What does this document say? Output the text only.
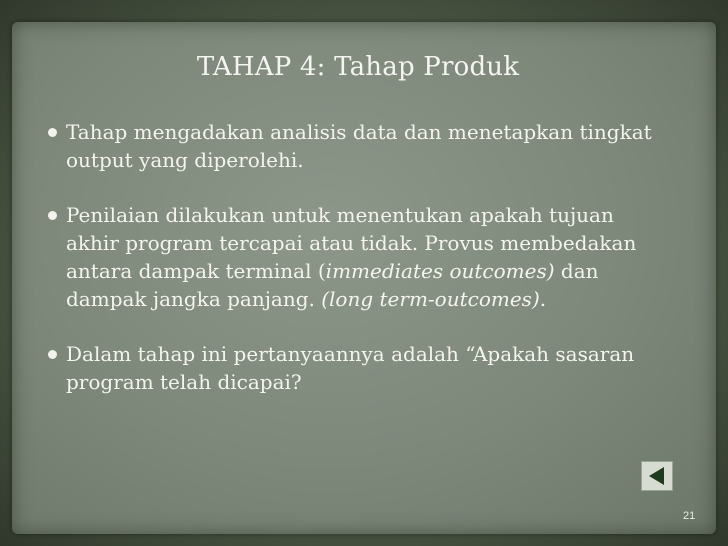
TAHAP 4: Tahap Produk
Tahap mengadakan analisis data dan menetapkan tingkat output yang diperolehi.
Penilaian dilakukan untuk menentukan apakah tujuan akhir program tercapai atau tidak. Provus membedakan antara dampak terminal (immediates outcomes) dan dampak jangka panjang. (long term-outcomes).
Dalam tahap ini pertanyaannya adalah “Apakah sasaran program telah dicapai?
21
